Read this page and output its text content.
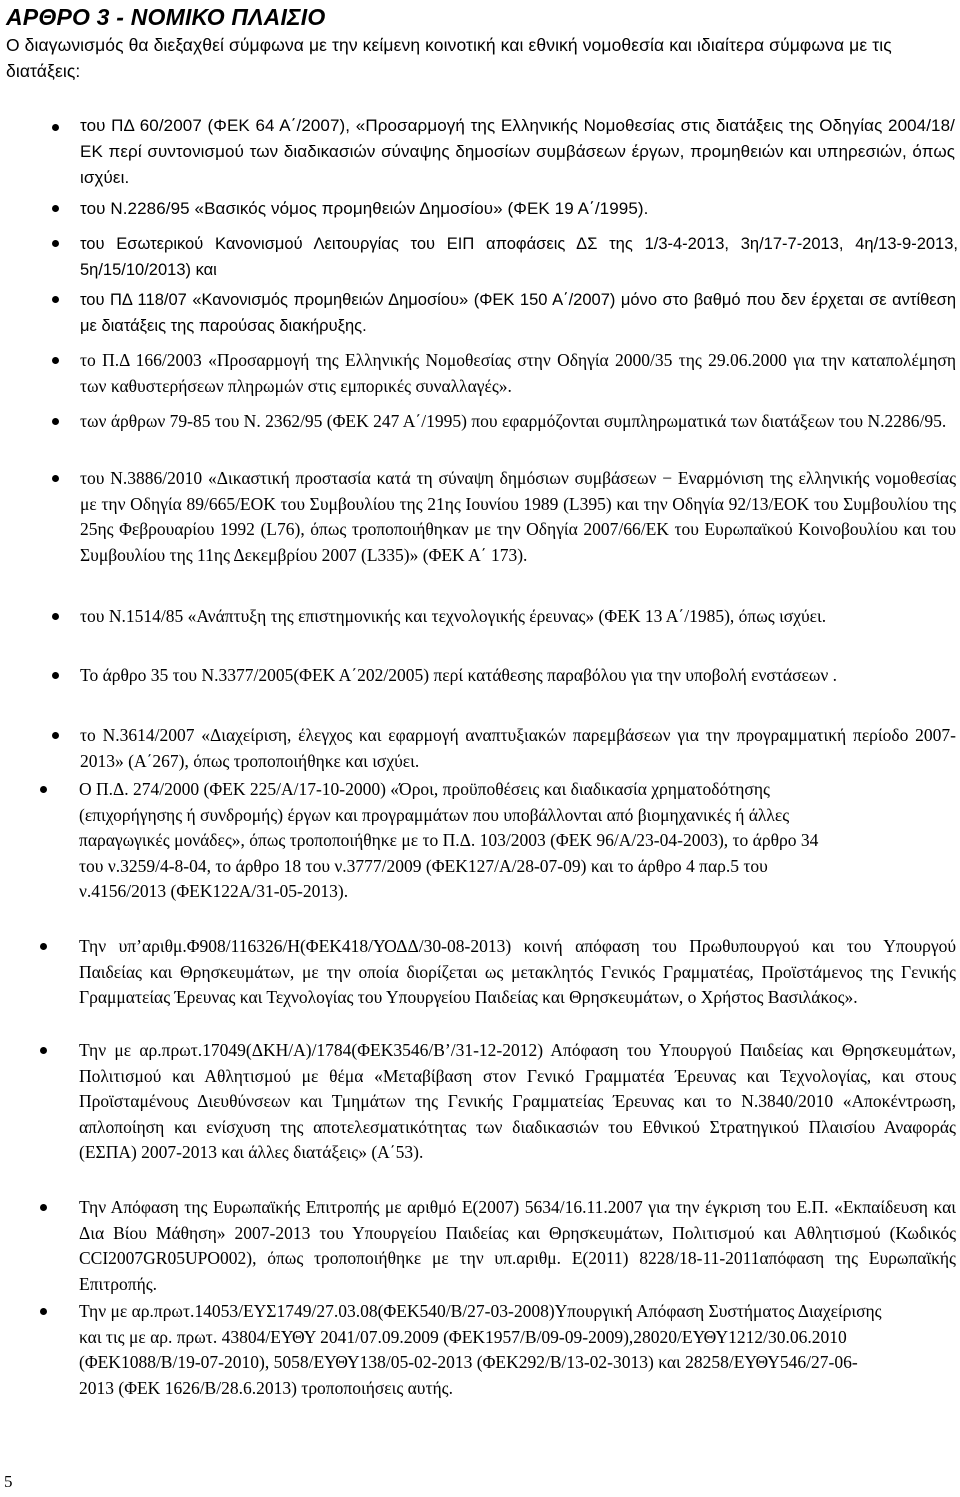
ΑΡΘΡΟ 3 - ΝΟΜΙΚΟ ΠΛΑΙΣΙΟ
Ο διαγωνισμός θα διεξαχθεί σύμφωνα με την κείμενη κοινοτική και εθνική νομοθεσία και ιδιαίτερα σύμφωνα με τις διατάξεις:
του ΠΔ 60/2007 (ΦΕΚ 64 Α΄/2007), «Προσαρμογή της Ελληνικής Νομοθεσίας στις διατάξεις της Οδηγίας 2004/18/ΕΚ περί συντονισμού των διαδικασιών σύναψης δημοσίων συμβάσεων έργων, προμηθειών και υπηρεσιών, όπως ισχύει.
του Ν.2286/95 «Βασικός νόμος προμηθειών Δημοσίου» (ΦΕΚ 19 Α΄/1995).
του Εσωτερικού Κανονισμού Λειτουργίας του ΕΙΠ αποφάσεις ΔΣ της 1/3-4-2013, 3η/17-7-2013, 4η/13-9-2013, 5η/15/10/2013) και
του ΠΔ 118/07 «Κανονισμός προμηθειών Δημοσίου» (ΦΕΚ 150 Α΄/2007) μόνο στο βαθμό που δεν έρχεται σε αντίθεση με διατάξεις της παρούσας διακήρυξης.
το Π.Δ 166/2003 «Προσαρμογή της Ελληνικής Νομοθεσίας στην Οδηγία 2000/35 της 29.06.2000 για την καταπολέμηση των καθυστερήσεων πληρωμών στις εμπορικές συναλλαγές».
των άρθρων 79-85 του Ν. 2362/95 (ΦΕΚ 247 Α΄/1995) που εφαρμόζονται συμπληρωματικά των διατάξεων του Ν.2286/95.
του Ν.3886/2010 «Δικαστική προστασία κατά τη σύναψη δημόσιων συμβάσεων − Εναρμόνιση της ελληνικής νομοθεσίας με την Οδηγία 89/665/ΕΟΚ του Συμβουλίου της 21ης Ιουνίου 1989 (L395) και την Οδηγία 92/13/ΕΟΚ του Συμβουλίου της 25ης Φεβρουαρίου 1992 (L76), όπως τροποποιήθηκαν με την Οδηγία 2007/66/ΕΚ του Ευρωπαϊκού Κοινοβουλίου και του Συμβουλίου της 11ης Δεκεμβρίου 2007 (L335)» (ΦΕΚ Α΄ 173).
του Ν.1514/85 «Ανάπτυξη της επιστημονικής και τεχνολογικής έρευνας» (ΦΕΚ 13 Α΄/1985), όπως ισχύει.
Το άρθρο 35 του Ν.3377/2005(ΦΕΚ Α΄202/2005) περί κατάθεσης παραβόλου για την υποβολή ενστάσεων .
το Ν.3614/2007 «Διαχείριση, έλεγχος και εφαρμογή αναπτυξιακών παρεμβάσεων για την προγραμματική περίοδο 2007-2013» (Α΄267), όπως τροποποιήθηκε και ισχύει.
Ο Π.Δ. 274/2000 (ΦΕΚ 225/Α/17-10-2000) «Όροι, προϋποθέσεις και διαδικασία χρηματοδότησης (επιχορήγησης ή συνδρομής) έργων και προγραμμάτων που υποβάλλονται από βιομηχανικές ή άλλες παραγωγικές μονάδες», όπως τροποποιήθηκε με το Π.Δ. 103/2003 (ΦΕΚ 96/Α/23-04-2003), το άρθρο 34 του ν.3259/4-8-04, το άρθρο 18 του ν.3777/2009 (ΦΕΚ127/Α/28-07-09) και το άρθρο 4 παρ.5 του ν.4156/2013 (ΦΕΚ122Α/31-05-2013).
Την υπ’αριθμ.Φ908/116326/Η(ΦΕΚ418/ΥΟΔΔ/30-08-2013) κοινή απόφαση του Πρωθυπουργού και του Υπουργού Παιδείας και Θρησκευμάτων, με την οποία διορίζεται ως μετακλητός Γενικός Γραμματέας, Προϊστάμενος της Γενικής Γραμματείας Έρευνας και Τεχνολογίας του Υπουργείου Παιδείας και Θρησκευμάτων, ο Χρήστος Βασιλάκος».
Την με αρ.πρωτ.17049(ΔΚΗ/Α)/1784(ΦΕΚ3546/Β’/31-12-2012) Απόφαση του Υπουργού Παιδείας και Θρησκευμάτων, Πολιτισμού και Αθλητισμού με θέμα «Μεταβίβαση στον Γενικό Γραμματέα Έρευνας και Τεχνολογίας, και στους Προϊσταμένους Διευθύνσεων και Τμημάτων της Γενικής Γραμματείας Έρευνας και το Ν.3840/2010 «Αποκέντρωση, απλοποίηση και ενίσχυση της αποτελεσματικότητας των διαδικασιών του Εθνικού Στρατηγικού Πλαισίου Αναφοράς (ΕΣΠΑ) 2007-2013 και άλλες διατάξεις» (Α΄53).
Την Απόφαση της Ευρωπαϊκής Επιτροπής με αριθμό Ε(2007) 5634/16.11.2007 για την έγκριση του Ε.Π. «Εκπαίδευση και Δια Βίου Μάθηση» 2007-2013 του Υπουργείου Παιδείας και Θρησκευμάτων, Πολιτισμού και Αθλητισμού (Κωδικός CCI2007GR05UPO002), όπως τροποποιήθηκε με την υπ.αριθμ. Ε(2011) 8228/18-11-2011απόφαση της Ευρωπαϊκής Επιτροπής.
Την με αρ.πρωτ.14053/ΕΥΣ1749/27.03.08(ΦΕΚ540/Β/27-03-2008)Υπουργική Απόφαση Συστήματος Διαχείρισης και τις με αρ. πρωτ. 43804/ΕΥΘΥ 2041/07.09.2009 (ΦΕΚ1957/Β/09-09-2009),28020/ΕΥΘΥ1212/30.06.2010 (ΦΕΚ1088/Β/19-07-2010), 5058/ΕΥΘΥ138/05-02-2013 (ΦΕΚ292/Β/13-02-3013) και 28258/ΕΥΘΥ546/27-06-2013 (ΦΕΚ 1626/Β/28.6.2013) τροποποιήσεις αυτής.
5
